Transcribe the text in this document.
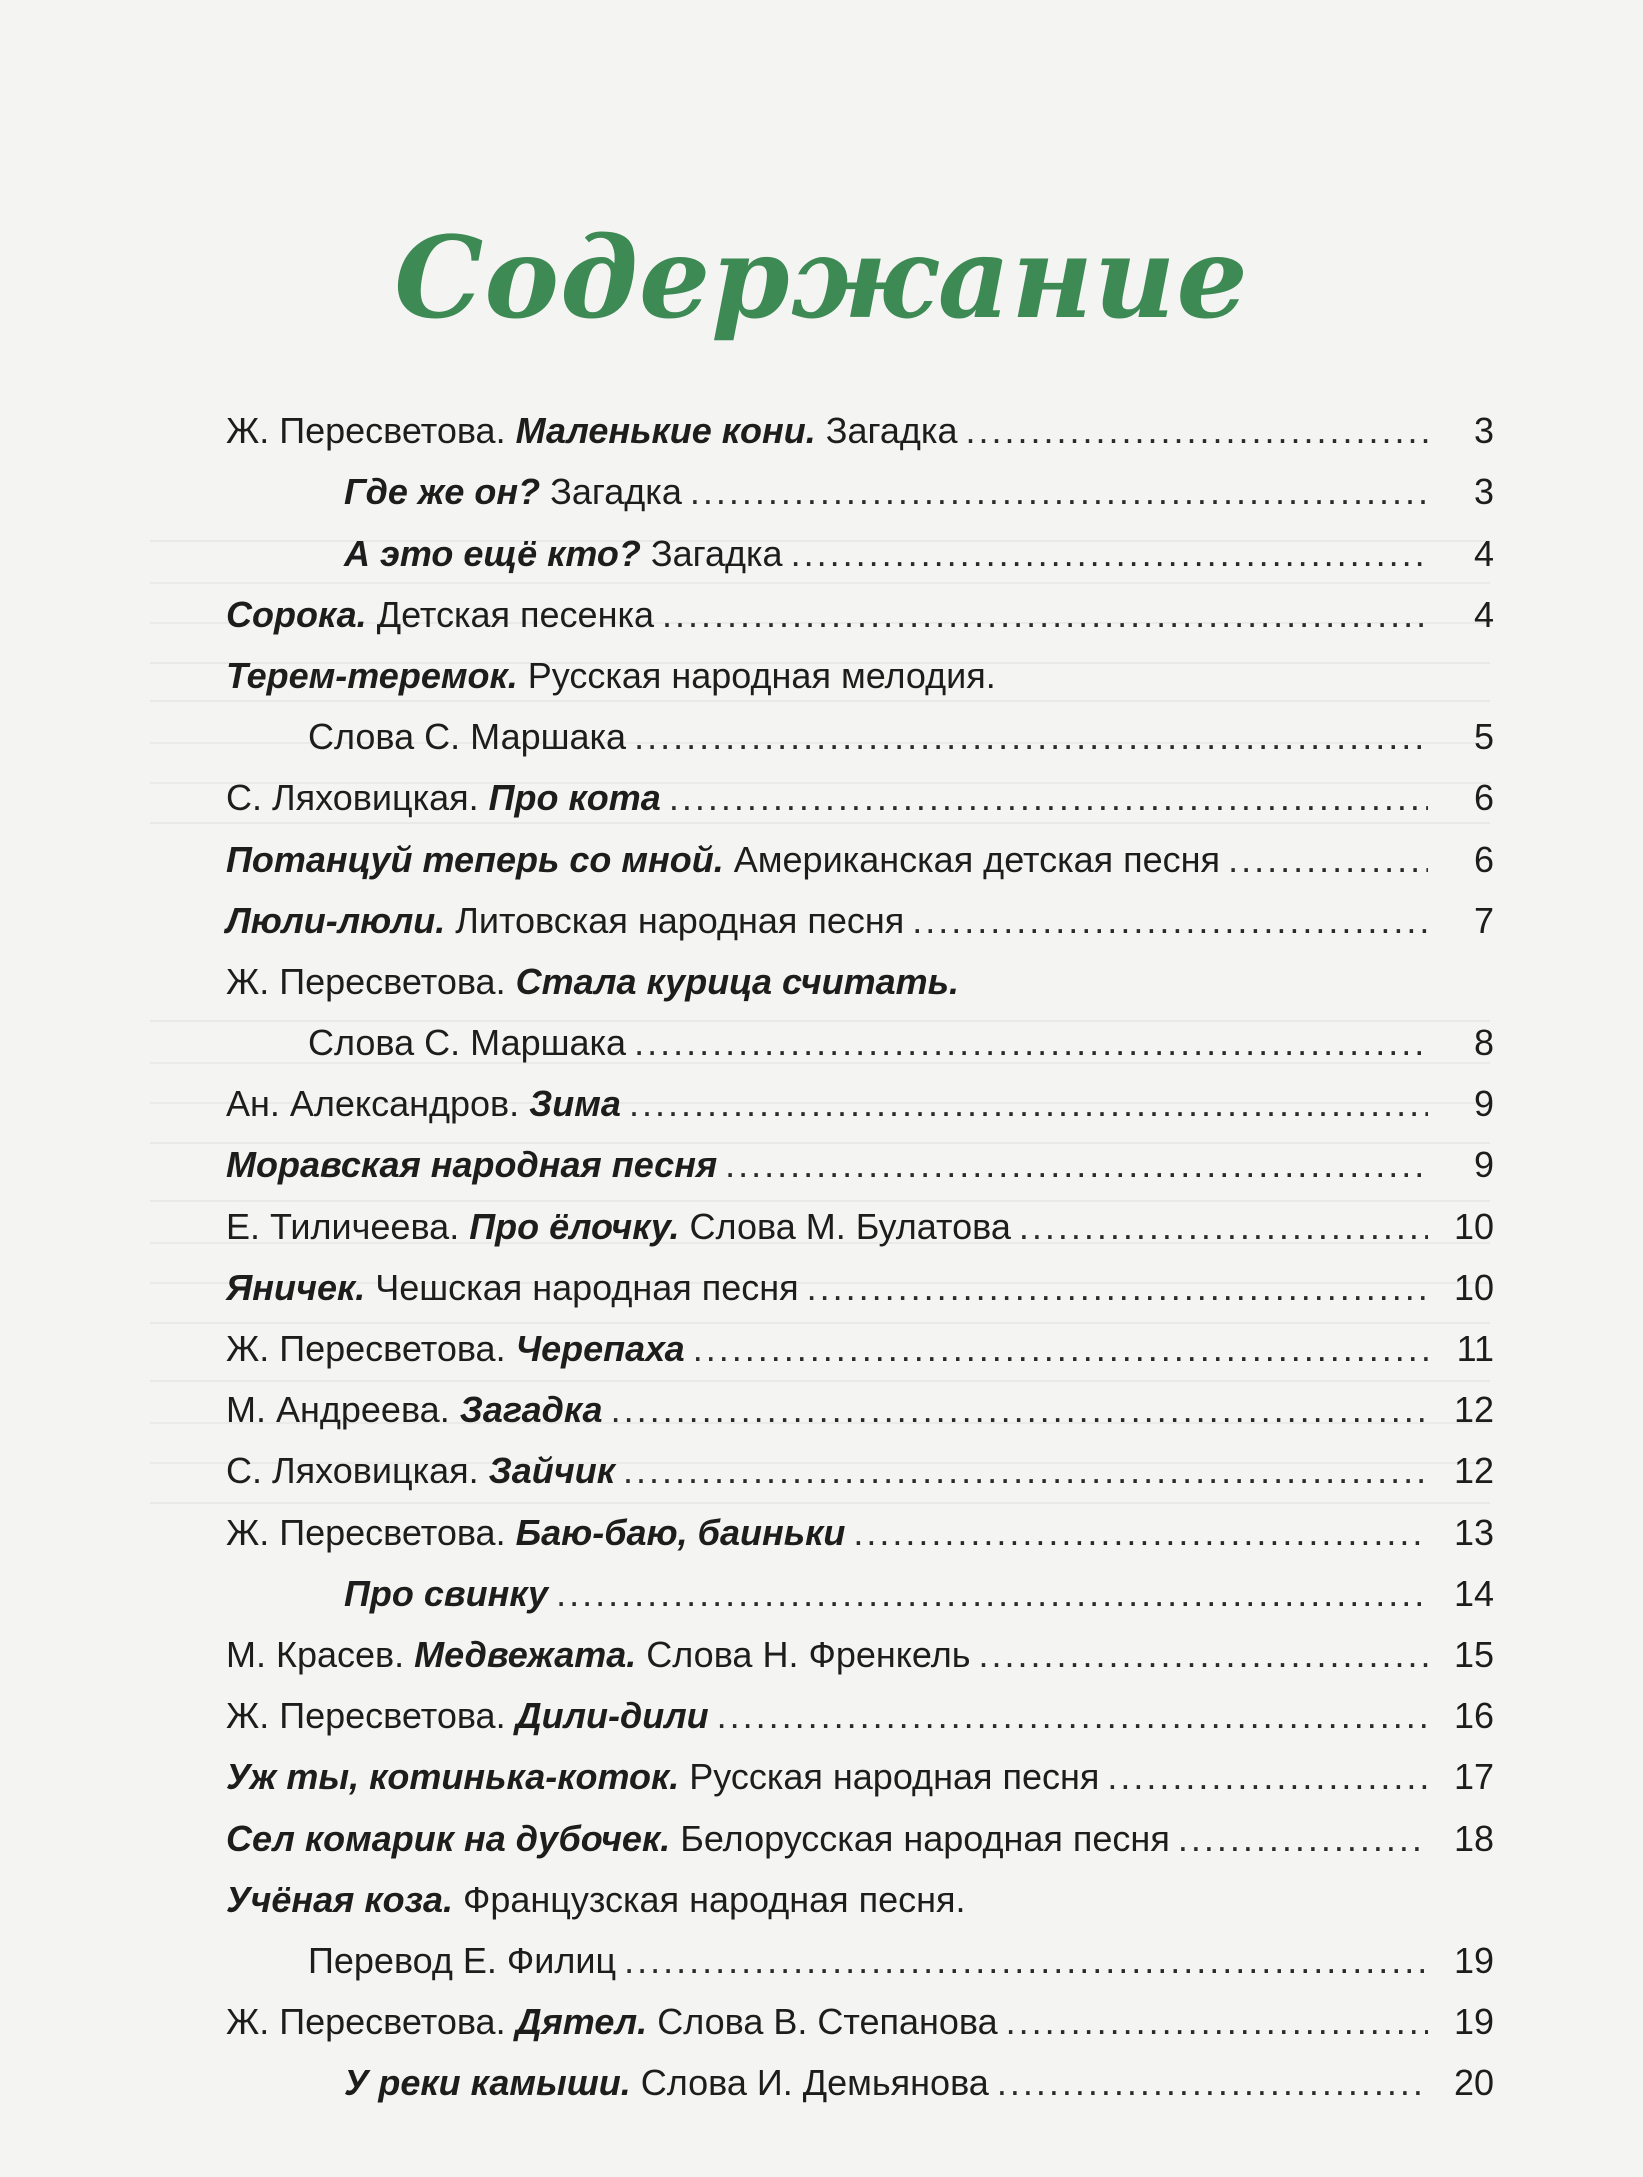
Содержание
Ж. Пересветова. Маленькие кони. Загадка .....	3
Где же он? Загадка .....	3
А это ещё кто? Загадка .....	4
Сорока. Детская песенка .....	4
Терем-теремок. Русская народная мелодия.
Слова С. Маршака .....	5
С. Ляховицкая. Про кота .....	6
Потанцуй теперь со мной. Американская детская песня .....	6
Люли-люли. Литовская народная песня .....	7
Ж. Пересветова. Стала курица считать.
Слова С. Маршака .....	8
Ан. Александров. Зима .....	9
Моравская народная песня .....	9
Е. Тиличеева. Про ёлочку. Слова М. Булатова .....	10
Яничек. Чешская народная песня .....	10
Ж. Пересветова. Черепаха .....	11
М. Андреева. Загадка .....	12
С. Ляховицкая. Зайчик .....	12
Ж. Пересветова. Баю-баю, баиньки .....	13
Про свинку .....	14
М. Красев. Медвежата. Слова Н. Френкель .....	15
Ж. Пересветова. Дили-дили .....	16
Уж ты, котинька-коток. Русская народная песня .....	17
Сел комарик на дубочек. Белорусская народная песня .....	18
Учёная коза. Французская народная песня.
Перевод Е. Филиц .....	19
Ж. Пересветова. Дятел. Слова В. Степанова .....	19
У реки камыши. Слова И. Демьянова .....	20
